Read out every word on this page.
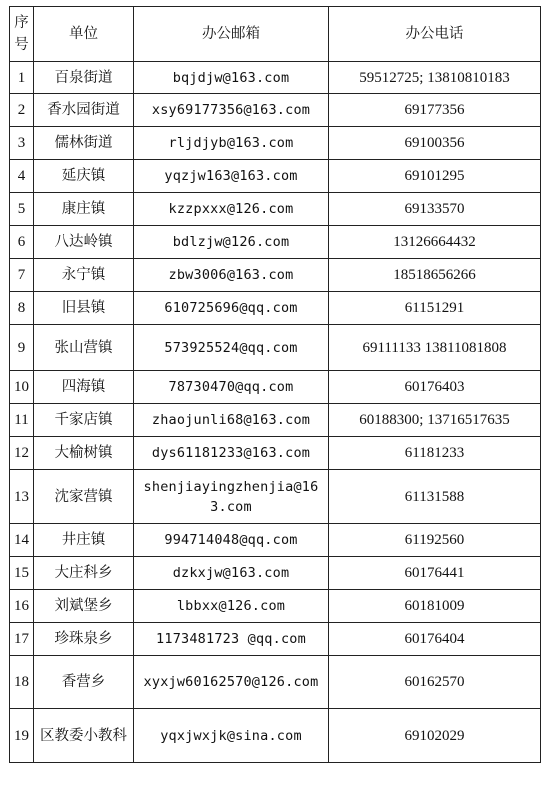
序号	单位	办公邮箱	办公电话
1	百泉街道	bqjdjw@163.com	59512725; 13810810183
2	香水园街道	xsy69177356@163.com	69177356
3	儒林街道	rljdjyb@163.com	69100356
4	延庆镇	yqzjw163@163.com	69101295
5	康庄镇	kzzpxxx@126.com	69133570
6	八达岭镇	bdlzjw@126.com	13126664432
7	永宁镇	zbw3006@163.com	18518656266
8	旧县镇	610725696@qq.com	61151291
9	张山营镇	573925524@qq.com	69111133 13811081808
10	四海镇	78730470@qq.com	60176403
11	千家店镇	zhaojunli68@163.com	60188300; 13716517635
12	大榆树镇	dys61181233@163.com	61181233
13	沈家营镇	shenjiayingzhenjia@163.com	61131588
14	井庄镇	994714048@qq.com	61192560
15	大庄科乡	dzkxjw@163.com	60176441
16	刘斌堡乡	lbbxx@126.com	60181009
17	珍珠泉乡	1173481723 @qq.com	60176404
18	香营乡	xyxjw60162570@126.com	60162570
19	区教委小教科	yqxjwxjk@sina.com	69102029
